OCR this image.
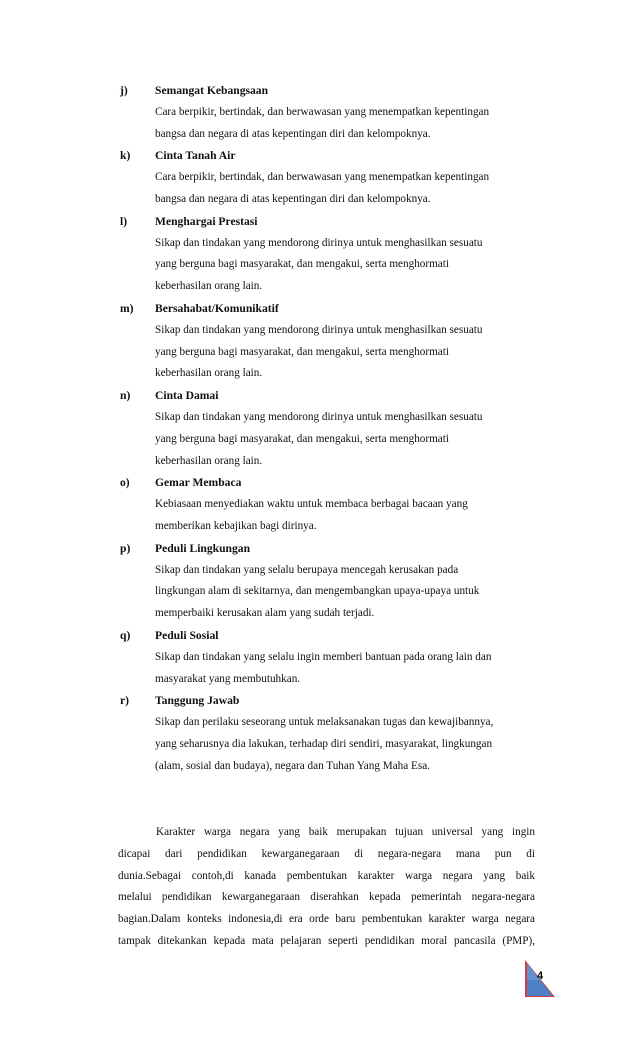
j) Semangat Kebangsaan
Cara berpikir, bertindak, dan berwawasan yang menempatkan kepentingan
bangsa dan negara di atas kepentingan diri dan kelompoknya.
k) Cinta Tanah Air
Cara berpikir, bertindak, dan berwawasan yang menempatkan kepentingan
bangsa dan negara di atas kepentingan diri dan kelompoknya.
l) Menghargai Prestasi
Sikap dan tindakan yang mendorong dirinya untuk menghasilkan sesuatu
yang berguna bagi masyarakat, dan mengakui, serta menghormati
keberhasilan orang lain.
m) Bersahabat/Komunikatif
Sikap dan tindakan yang mendorong dirinya untuk menghasilkan sesuatu
yang berguna bagi masyarakat, dan mengakui, serta menghormati
keberhasilan orang lain.
n) Cinta Damai
Sikap dan tindakan yang mendorong dirinya untuk menghasilkan sesuatu
yang berguna bagi masyarakat, dan mengakui, serta menghormati
keberhasilan orang lain.
o) Gemar Membaca
Kebiasaan menyediakan waktu untuk membaca berbagai bacaan yang
memberikan kebajikan bagi dirinya.
p) Peduli Lingkungan
Sikap dan tindakan yang selalu berupaya mencegah kerusakan pada
lingkungan alam di sekitarnya, dan mengembangkan upaya-upaya untuk
memperbaiki kerusakan alam yang sudah terjadi.
q) Peduli Sosial
Sikap dan tindakan yang selalu ingin memberi bantuan pada orang lain dan
masyarakat yang membutuhkan.
r) Tanggung Jawab
Sikap dan perilaku seseorang untuk melaksanakan tugas dan kewajibannya,
yang seharusnya dia lakukan, terhadap diri sendiri, masyarakat, lingkungan
(alam, sosial dan budaya), negara dan Tuhan Yang Maha Esa.
Karakter warga negara yang baik merupakan tujuan universal yang ingin
dicapai dari pendidikan kewarganegaraan di negara-negara mana pun di
dunia.Sebagai contoh,di kanada pembentukan karakter warga negara yang baik
melalui pendidikan kewarganegaraan diserahkan kepada pemerintah negara-negara
bagian.Dalam konteks indonesia,di era orde baru pembentukan karakter warga negara
tampak ditekankan kepada mata pelajaran seperti pendidikan moral pancasila (PMP),
4
